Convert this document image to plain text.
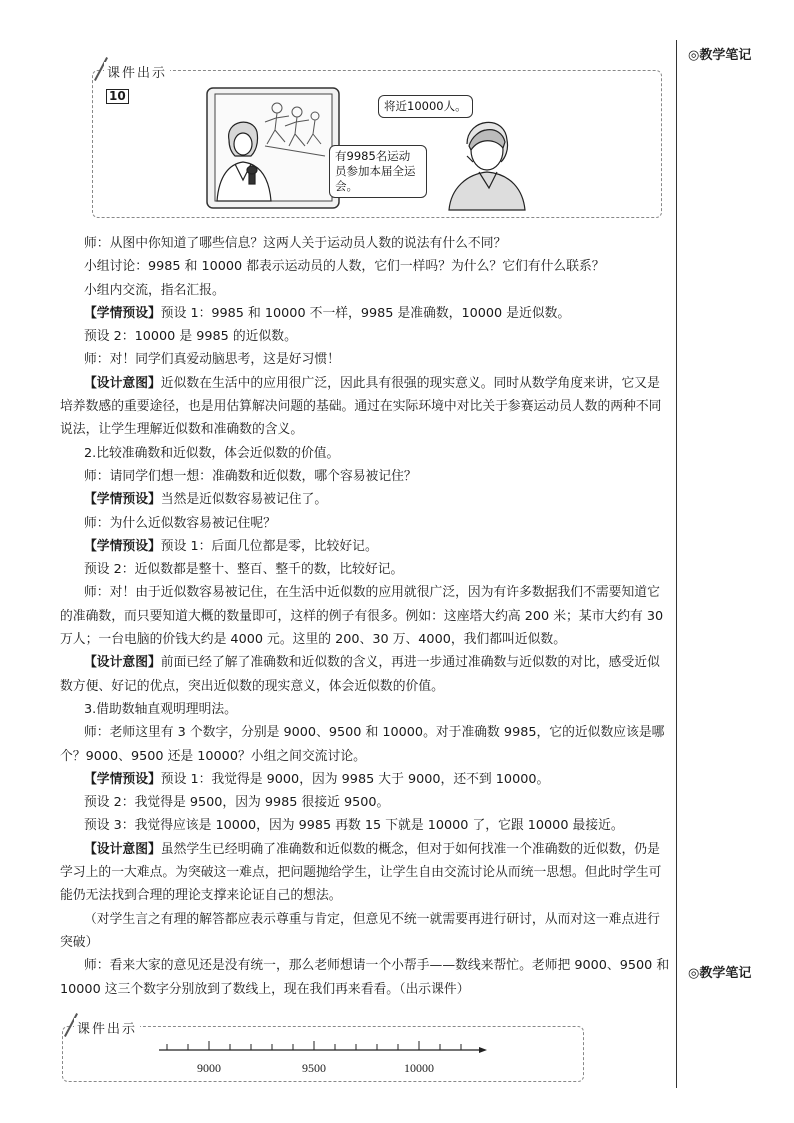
◎教学笔记
◎教学笔记
课件出示
10
将近10000人。
有9985名运动员参加本届全运会。

师：从图中你知道了哪些信息？这两人关于运动员人数的说法有什么不同？

小组讨论：9985 和 10000 都表示运动员的人数，它们一样吗？为什么？它们有什么联系？

小组内交流，指名汇报。

【学情预设】预设 1：9985 和 10000 不一样，9985 是准确数，10000 是近似数。

预设 2：10000 是 9985 的近似数。

师：对！同学们真爱动脑思考，这是好习惯！

【设计意图】近似数在生活中的应用很广泛，因此具有很强的现实意义。同时从数学角度来讲，它又是培养数感的重要途径，也是用估算解决问题的基础。通过在实际环境中对比关于参赛运动员人数的两种不同说法，让学生理解近似数和准确数的含义。

2.比较准确数和近似数，体会近似数的价值。

师：请同学们想一想：准确数和近似数，哪个容易被记住？

【学情预设】当然是近似数容易被记住了。

师：为什么近似数容易被记住呢？

【学情预设】预设 1：后面几位都是零，比较好记。

预设 2：近似数都是整十、整百、整千的数，比较好记。

师：对！由于近似数容易被记住，在生活中近似数的应用就很广泛，因为有许多数据我们不需要知道它的准确数，而只要知道大概的数量即可，这样的例子有很多。例如：这座塔大约高 200 米；某市大约有 30 万人；一台电脑的价钱大约是 4000 元。这里的 200、30 万、4000，我们都叫近似数。

【设计意图】前面已经了解了准确数和近似数的含义，再进一步通过准确数与近似数的对比，感受近似数方便、好记的优点，突出近似数的现实意义，体会近似数的价值。

3.借助数轴直观明理明法。

师：老师这里有 3 个数字，分别是 9000、9500 和 10000。对于准确数 9985，它的近似数应该是哪个？9000、9500 还是 10000？小组之间交流讨论。

【学情预设】预设 1：我觉得是 9000，因为 9985 大于 9000，还不到 10000。

预设 2：我觉得是 9500，因为 9985 很接近 9500。

预设 3：我觉得应该是 10000，因为 9985 再数 15 下就是 10000 了，它跟 10000 最接近。

【设计意图】虽然学生已经明确了准确数和近似数的概念，但对于如何找准一个准确数的近似数，仍是学习上的一大难点。为突破这一难点，把问题抛给学生，让学生自由交流讨论从而统一思想。但此时学生可能仍无法找到合理的理论支撑来论证自己的想法。

（对学生言之有理的解答都应表示尊重与肯定，但意见不统一就需要再进行研讨，从而对这一难点进行突破）

师：看来大家的意见还是没有统一，那么老师想请一个小帮手——数线来帮忙。老师把 9000、9500 和 10000 这三个数字分别放到了数线上，现在我们再来看看。（出示课件）

课件出示
9000	9500	10000
